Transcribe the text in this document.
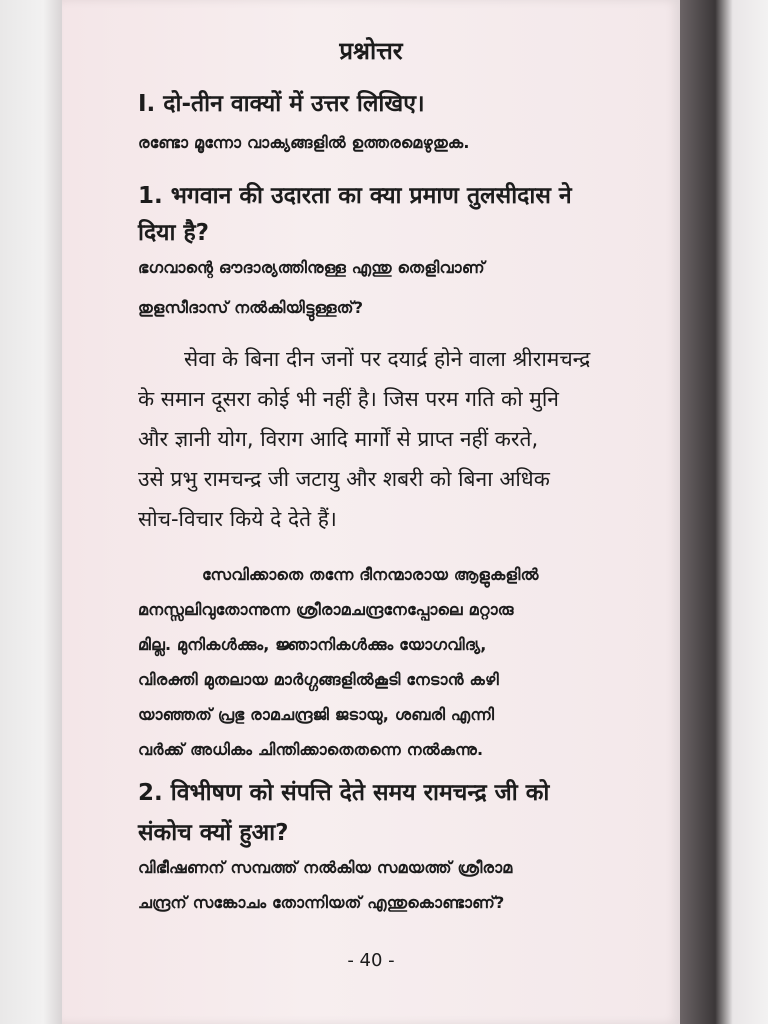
प्रश्नोत्तर
I. दो-तीन वाक्यों में उत्तर लिखिए।
രണ്ടോ മൂന്നോ വാക്യങ്ങളിൽ ഉത്തരമെഴുതുക.
1. भगवान की उदारता का क्या प्रमाण तुलसीदास ने
दिया है?
ഭഗവാന്റെ ഔദാര്യത്തിനുള്ള എന്തു തെളിവാണ്
തുളസീദാസ് നൽകിയിട്ടുള്ളത്?
सेवा के बिना दीन जनों पर दयार्द्र होने वाला श्रीरामचन्द्र
के समान दूसरा कोई भी नहीं है। जिस परम गति को मुनि
और ज्ञानी योग, विराग आदि मार्गों से प्राप्त नहीं करते,
उसे प्रभु रामचन्द्र जी जटायु और शबरी को बिना अधिक
सोच-विचार किये दे देते हैं।
സേവിക്കാതെ തന്നേ ദീനന്മാരായ ആളുകളിൽ
മനസ്സലിവുതോന്നുന്ന ശ്രീരാമചന്ദ്രനേപ്പോലെ മറ്റാരു
മില്ല. മുനികൾക്കും, ജ്ഞാനികൾക്കും യോഗവിദ്യ,
വിരക്തി മുതലായ മാർഗ്ഗങ്ങളിൽകൂടി നേടാൻ കഴി
യാഞ്ഞത് പ്രഭു രാമചന്ദ്രജി ജടായു, ശബരി എന്നി
വർക്ക് അധികം ചിന്തിക്കാതെതന്നെ നൽകുന്നു.
2. विभीषण को संपत्ति देते समय रामचन्द्र जी को
संकोच क्यों हुआ?
വിഭീഷണന് സമ്പത്ത് നൽകിയ സമയത്ത് ശ്രീരാമ
ചന്ദ്രന് സങ്കോചം തോന്നിയത് എന്തുകൊണ്ടാണ്?
- 40 -
